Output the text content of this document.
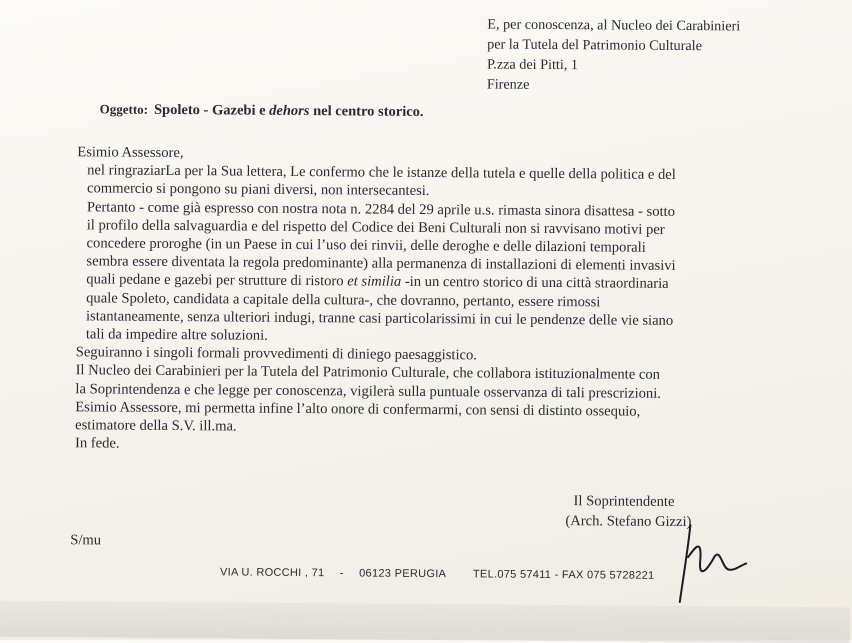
E, per conoscenza, al Nucleo dei Carabinieri
per la Tutela del Patrimonio Culturale
P.zza dei Pitti, 1
Firenze
Oggetto: Spoleto - Gazebi e dehors nel centro storico.
Esimio Assessore,
nel ringraziarLa per la Sua lettera, Le confermo che le istanze della tutela e quelle della politica e del
commercio si pongono su piani diversi, non intersecantesi.
Pertanto - come già espresso con nostra nota n. 2284 del 29 aprile u.s. rimasta sinora disattesa - sotto
il profilo della salvaguardia e del rispetto del Codice dei Beni Culturali non si ravvisano motivi per
concedere proroghe (in un Paese in cui l’uso dei rinvii, delle deroghe e delle dilazioni temporali
sembra essere diventata la regola predominante) alla permanenza di installazioni di elementi invasivi
quali pedane e gazebi per strutture di ristoro et similia -in un centro storico di una città straordinaria
quale Spoleto, candidata a capitale della cultura-, che dovranno, pertanto, essere rimossi
istantaneamente, senza ulteriori indugi, tranne casi particolarissimi in cui le pendenze delle vie siano
tali da impedire altre soluzioni.
Seguiranno i singoli formali provvedimenti di diniego paesaggistico.
Il Nucleo dei Carabinieri per la Tutela del Patrimonio Culturale, che collabora istituzionalmente con
la Soprintendenza e che legge per conoscenza, vigilerà sulla puntuale osservanza di tali prescrizioni.
Esimio Assessore, mi permetta infine l’alto onore di confermarmi, con sensi di distinto ossequio,
estimatore della S.V. ill.ma.
In fede.
Il Soprintendente
(Arch. Stefano Gizzi)
S/mu
VIA U. ROCCHI , 71 - 06123 PERUGIA TEL.075 57411 - FAX 075 5728221
